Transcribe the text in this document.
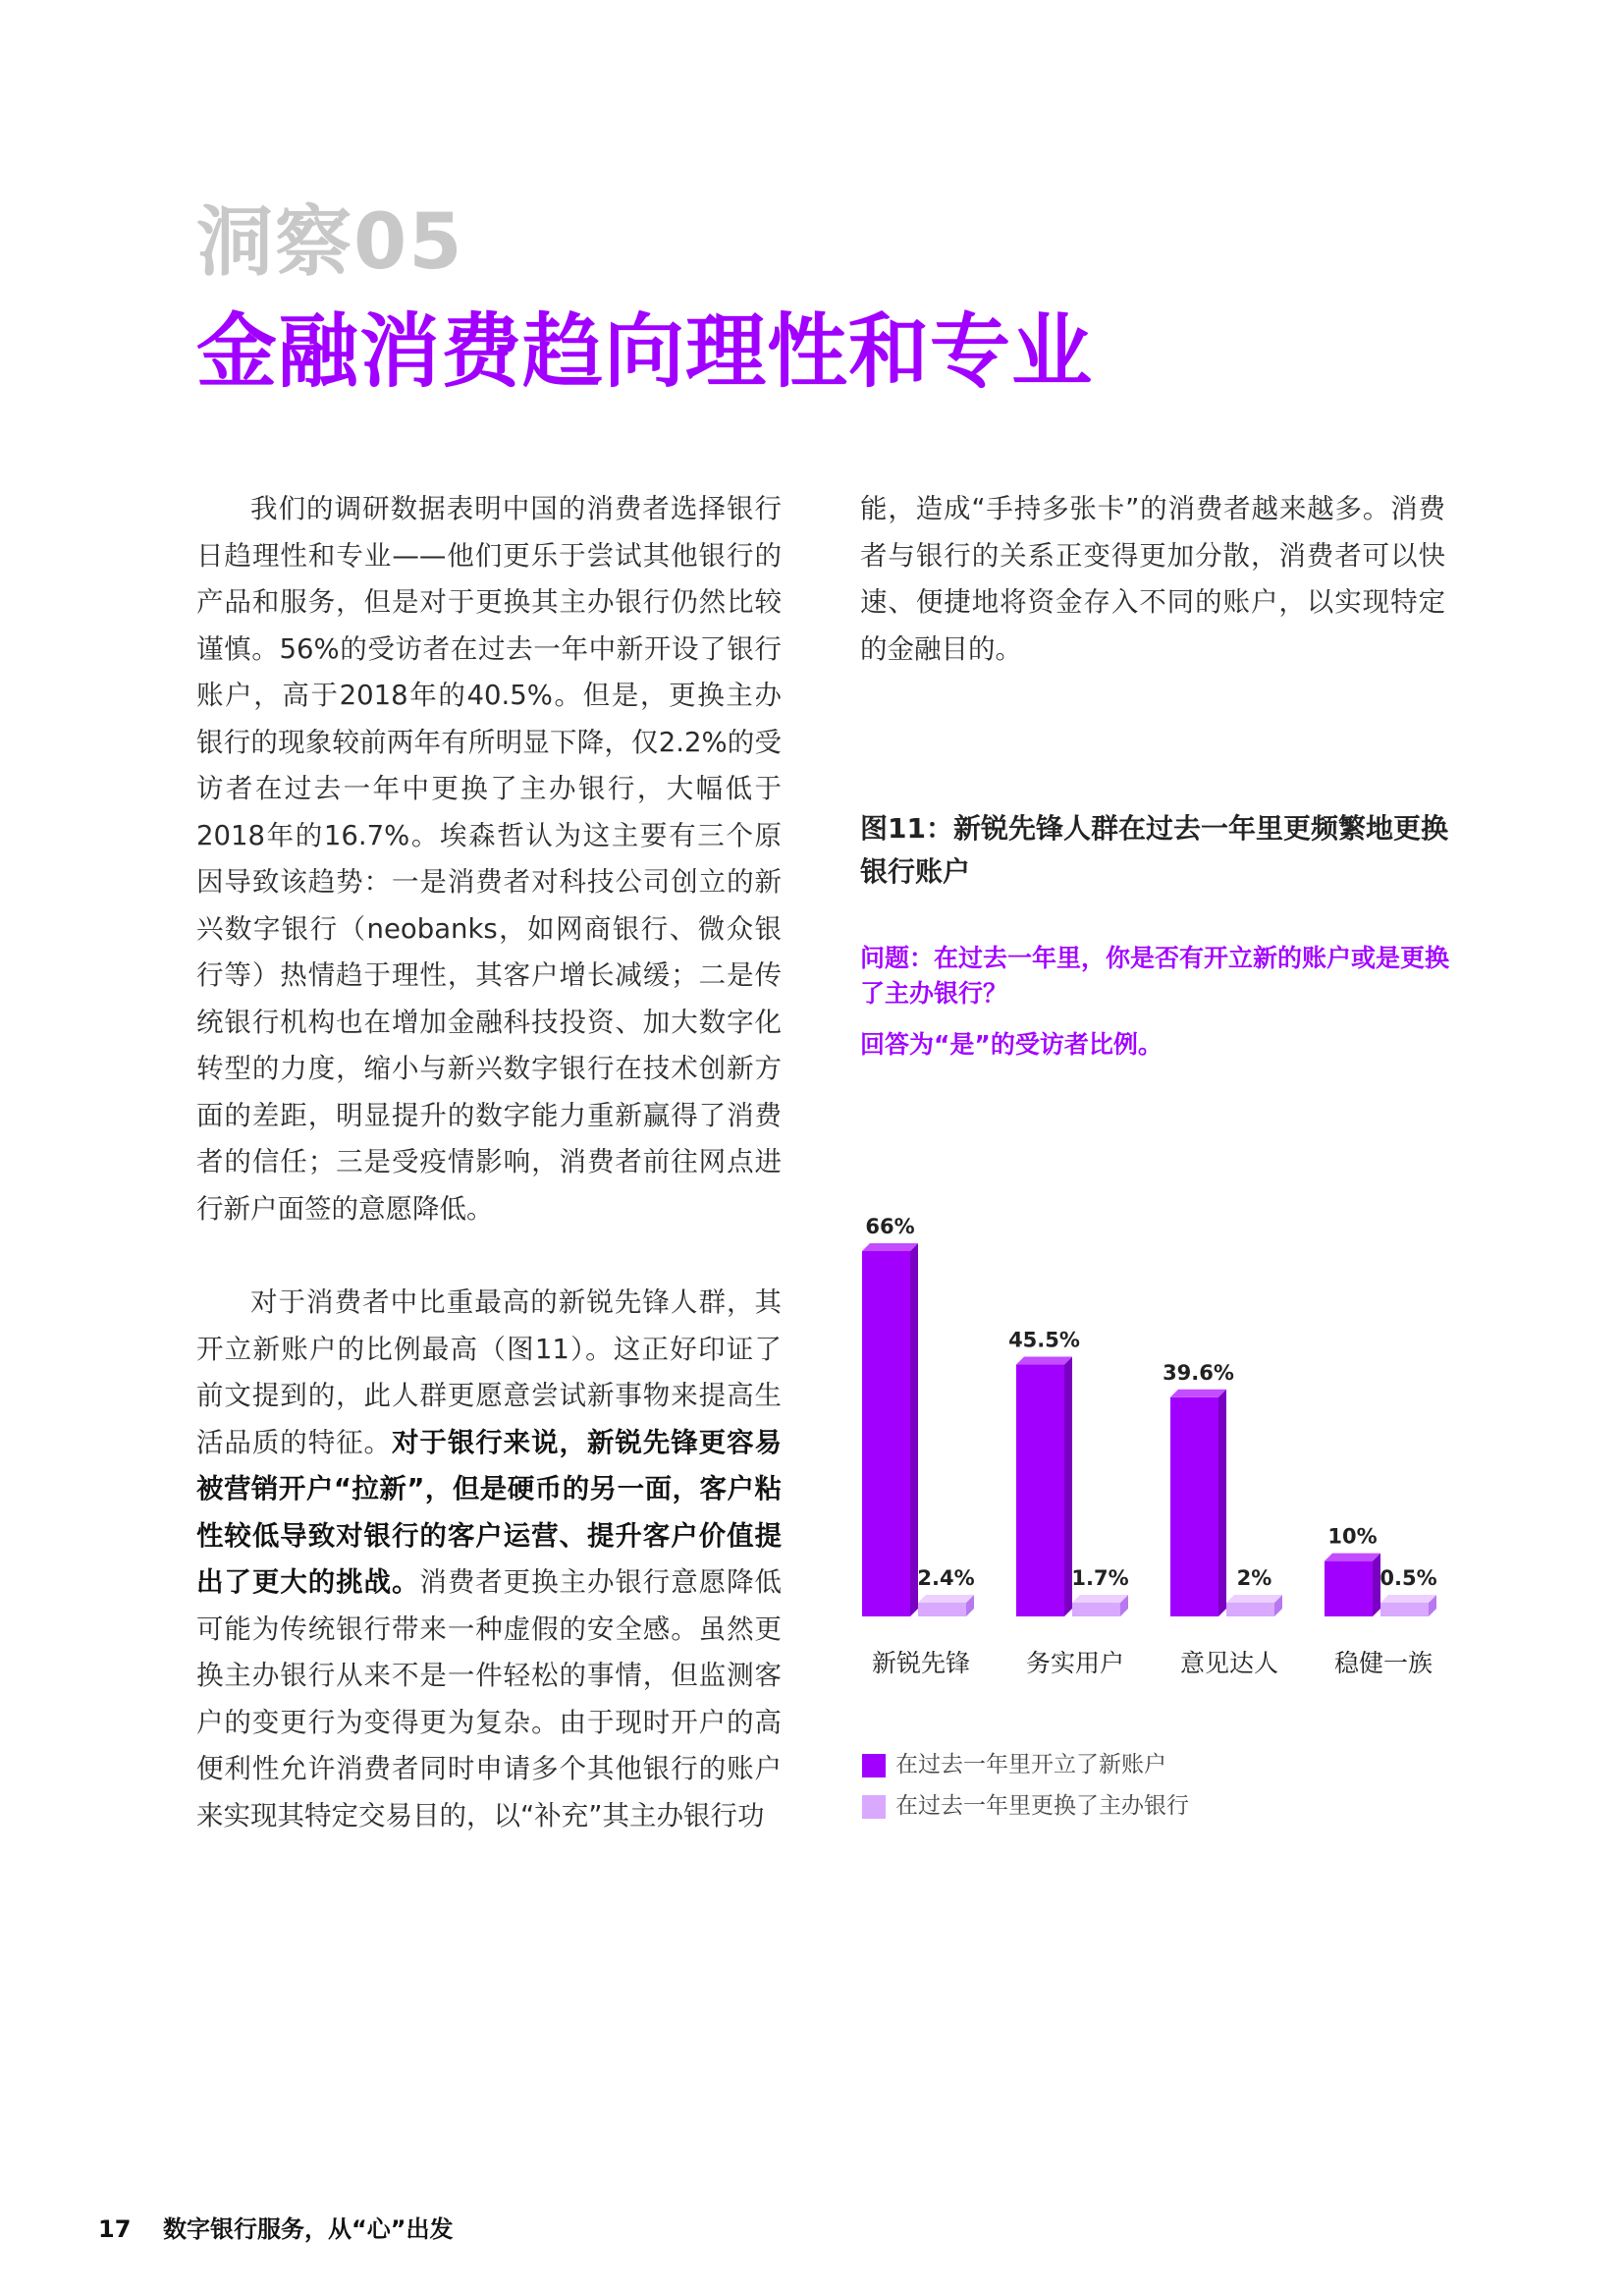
洞察05
金融消费趋向理性和专业

我们的调研数据表明中国的消费者选择银行日趋理性和专业——他们更乐于尝试其他银行的产品和服务，但是对于更换其主办银行仍然比较谨慎。56%的受访者在过去一年中新开设了银行账户，高于2018年的40.5%。但是，更换主办银行的现象较前两年有所明显下降，仅2.2%的受访者在过去一年中更换了主办银行，大幅低于2018年的16.7%。埃森哲认为这主要有三个原因导致该趋势：一是消费者对科技公司创立的新兴数字银行（neobanks，如网商银行、微众银行等）热情趋于理性，其客户增长减缓；二是传统银行机构也在增加金融科技投资、加大数字化转型的力度，缩小与新兴数字银行在技术创新方面的差距，明显提升的数字能力重新赢得了消费者的信任；三是受疫情影响，消费者前往网点进行新户面签的意愿降低。

对于消费者中比重最高的新锐先锋人群，其开立新账户的比例最高（图11）。这正好印证了前文提到的，此人群更愿意尝试新事物来提高生活品质的特征。对于银行来说，新锐先锋更容易被营销开户“拉新”，但是硬币的另一面，客户粘性较低导致对银行的客户运营、提升客户价值提出了更大的挑战。消费者更换主办银行意愿降低可能为传统银行带来一种虚假的安全感。虽然更换主办银行从来不是一件轻松的事情，但监测客户的变更行为变得更为复杂。由于现时开户的高便利性允许消费者同时申请多个其他银行的账户来实现其特定交易目的，以“补充”其主办银行功

能，造成“手持多张卡”的消费者越来越多。消费者与银行的关系正变得更加分散，消费者可以快速、便捷地将资金存入不同的账户，以实现特定的金融目的。

图11：新锐先锋人群在过去一年里更频繁地更换银行账户
问题：在过去一年里，你是否有开立新的账户或是更换了主办银行？
回答为“是”的受访者比例。
66%
2.4%
新锐先锋
45.5%
1.7%
务实用户
39.6%
2%
意见达人
10%
0.5%
稳健一族
在过去一年里开立了新账户
在过去一年里更换了主办银行
17 数字银行服务，从“心”出发
